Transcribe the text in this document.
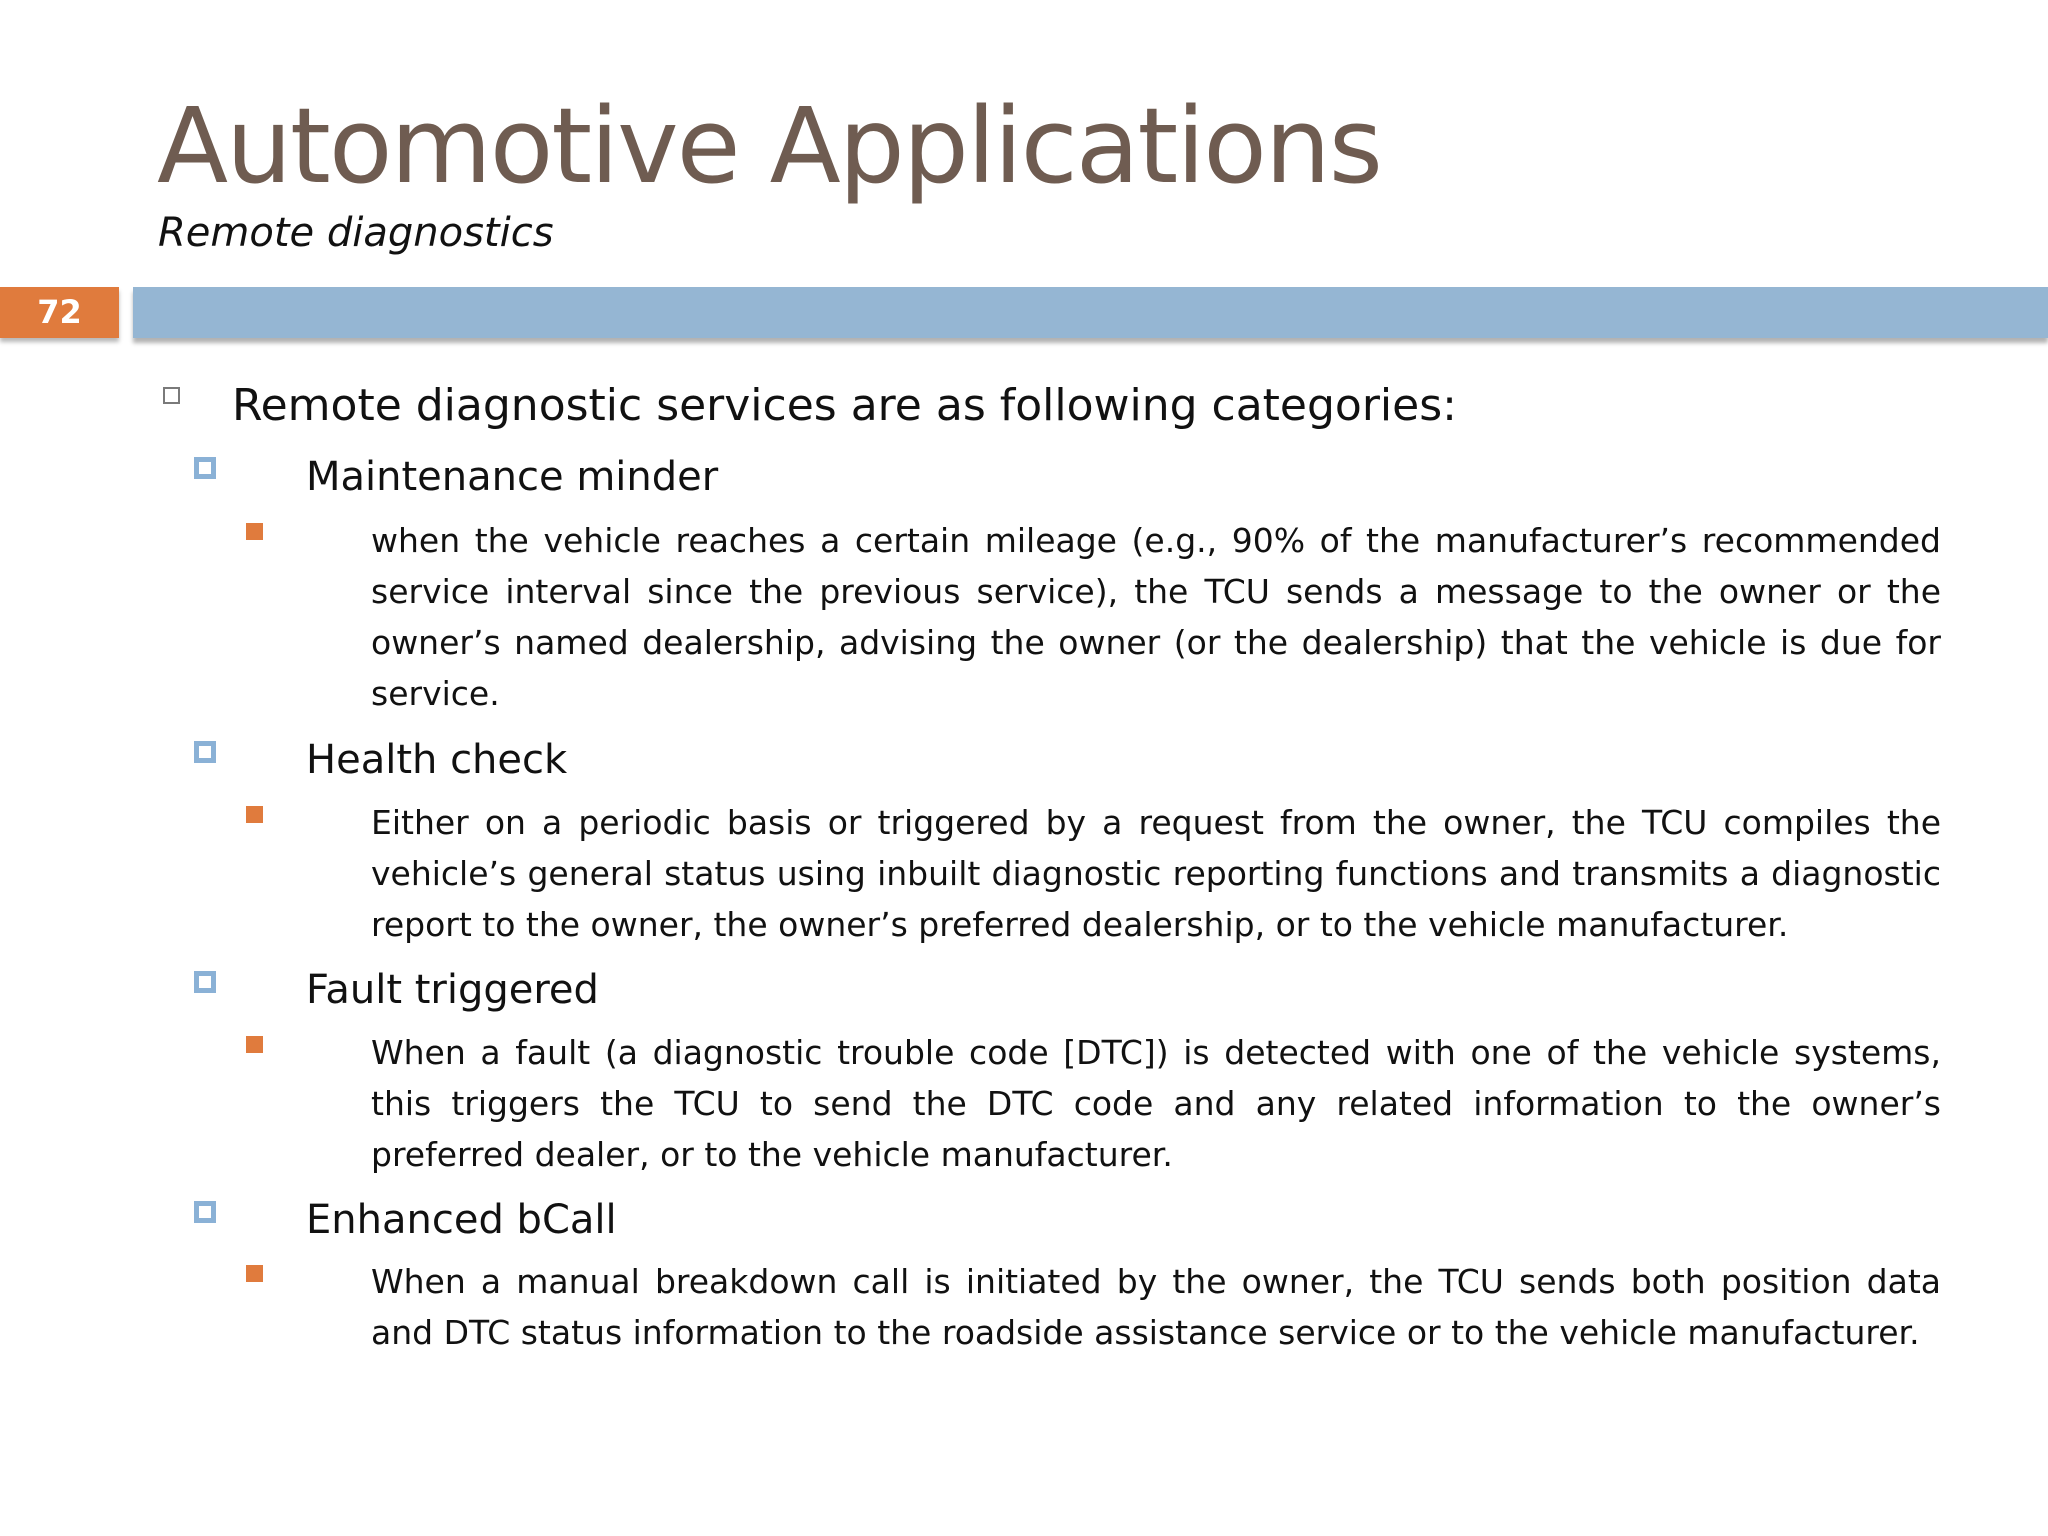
Automotive Applications
Remote diagnostics
72
Remote diagnostic services are as following categories:
Maintenance minder
when the vehicle reaches a certain mileage (e.g., 90% of the manufacturer’s recommended service interval since the previous service), the TCU sends a message to the owner or the owner’s named dealership, advising the owner (or the dealership) that the vehicle is due for service.
Health check
Either on a periodic basis or triggered by a request from the owner, the TCU compiles the vehicle’s general status using inbuilt diagnostic reporting functions and transmits a diagnostic report to the owner, the owner’s preferred dealership, or to the vehicle manufacturer.
Fault triggered
When a fault (a diagnostic trouble code [DTC]) is detected with one of the vehicle systems, this triggers the TCU to send the DTC code and any related information to the owner’s preferred dealer, or to the vehicle manufacturer.
Enhanced bCall
When a manual breakdown call is initiated by the owner, the TCU sends both position data and DTC status information to the roadside assistance service or to the vehicle manufacturer.
